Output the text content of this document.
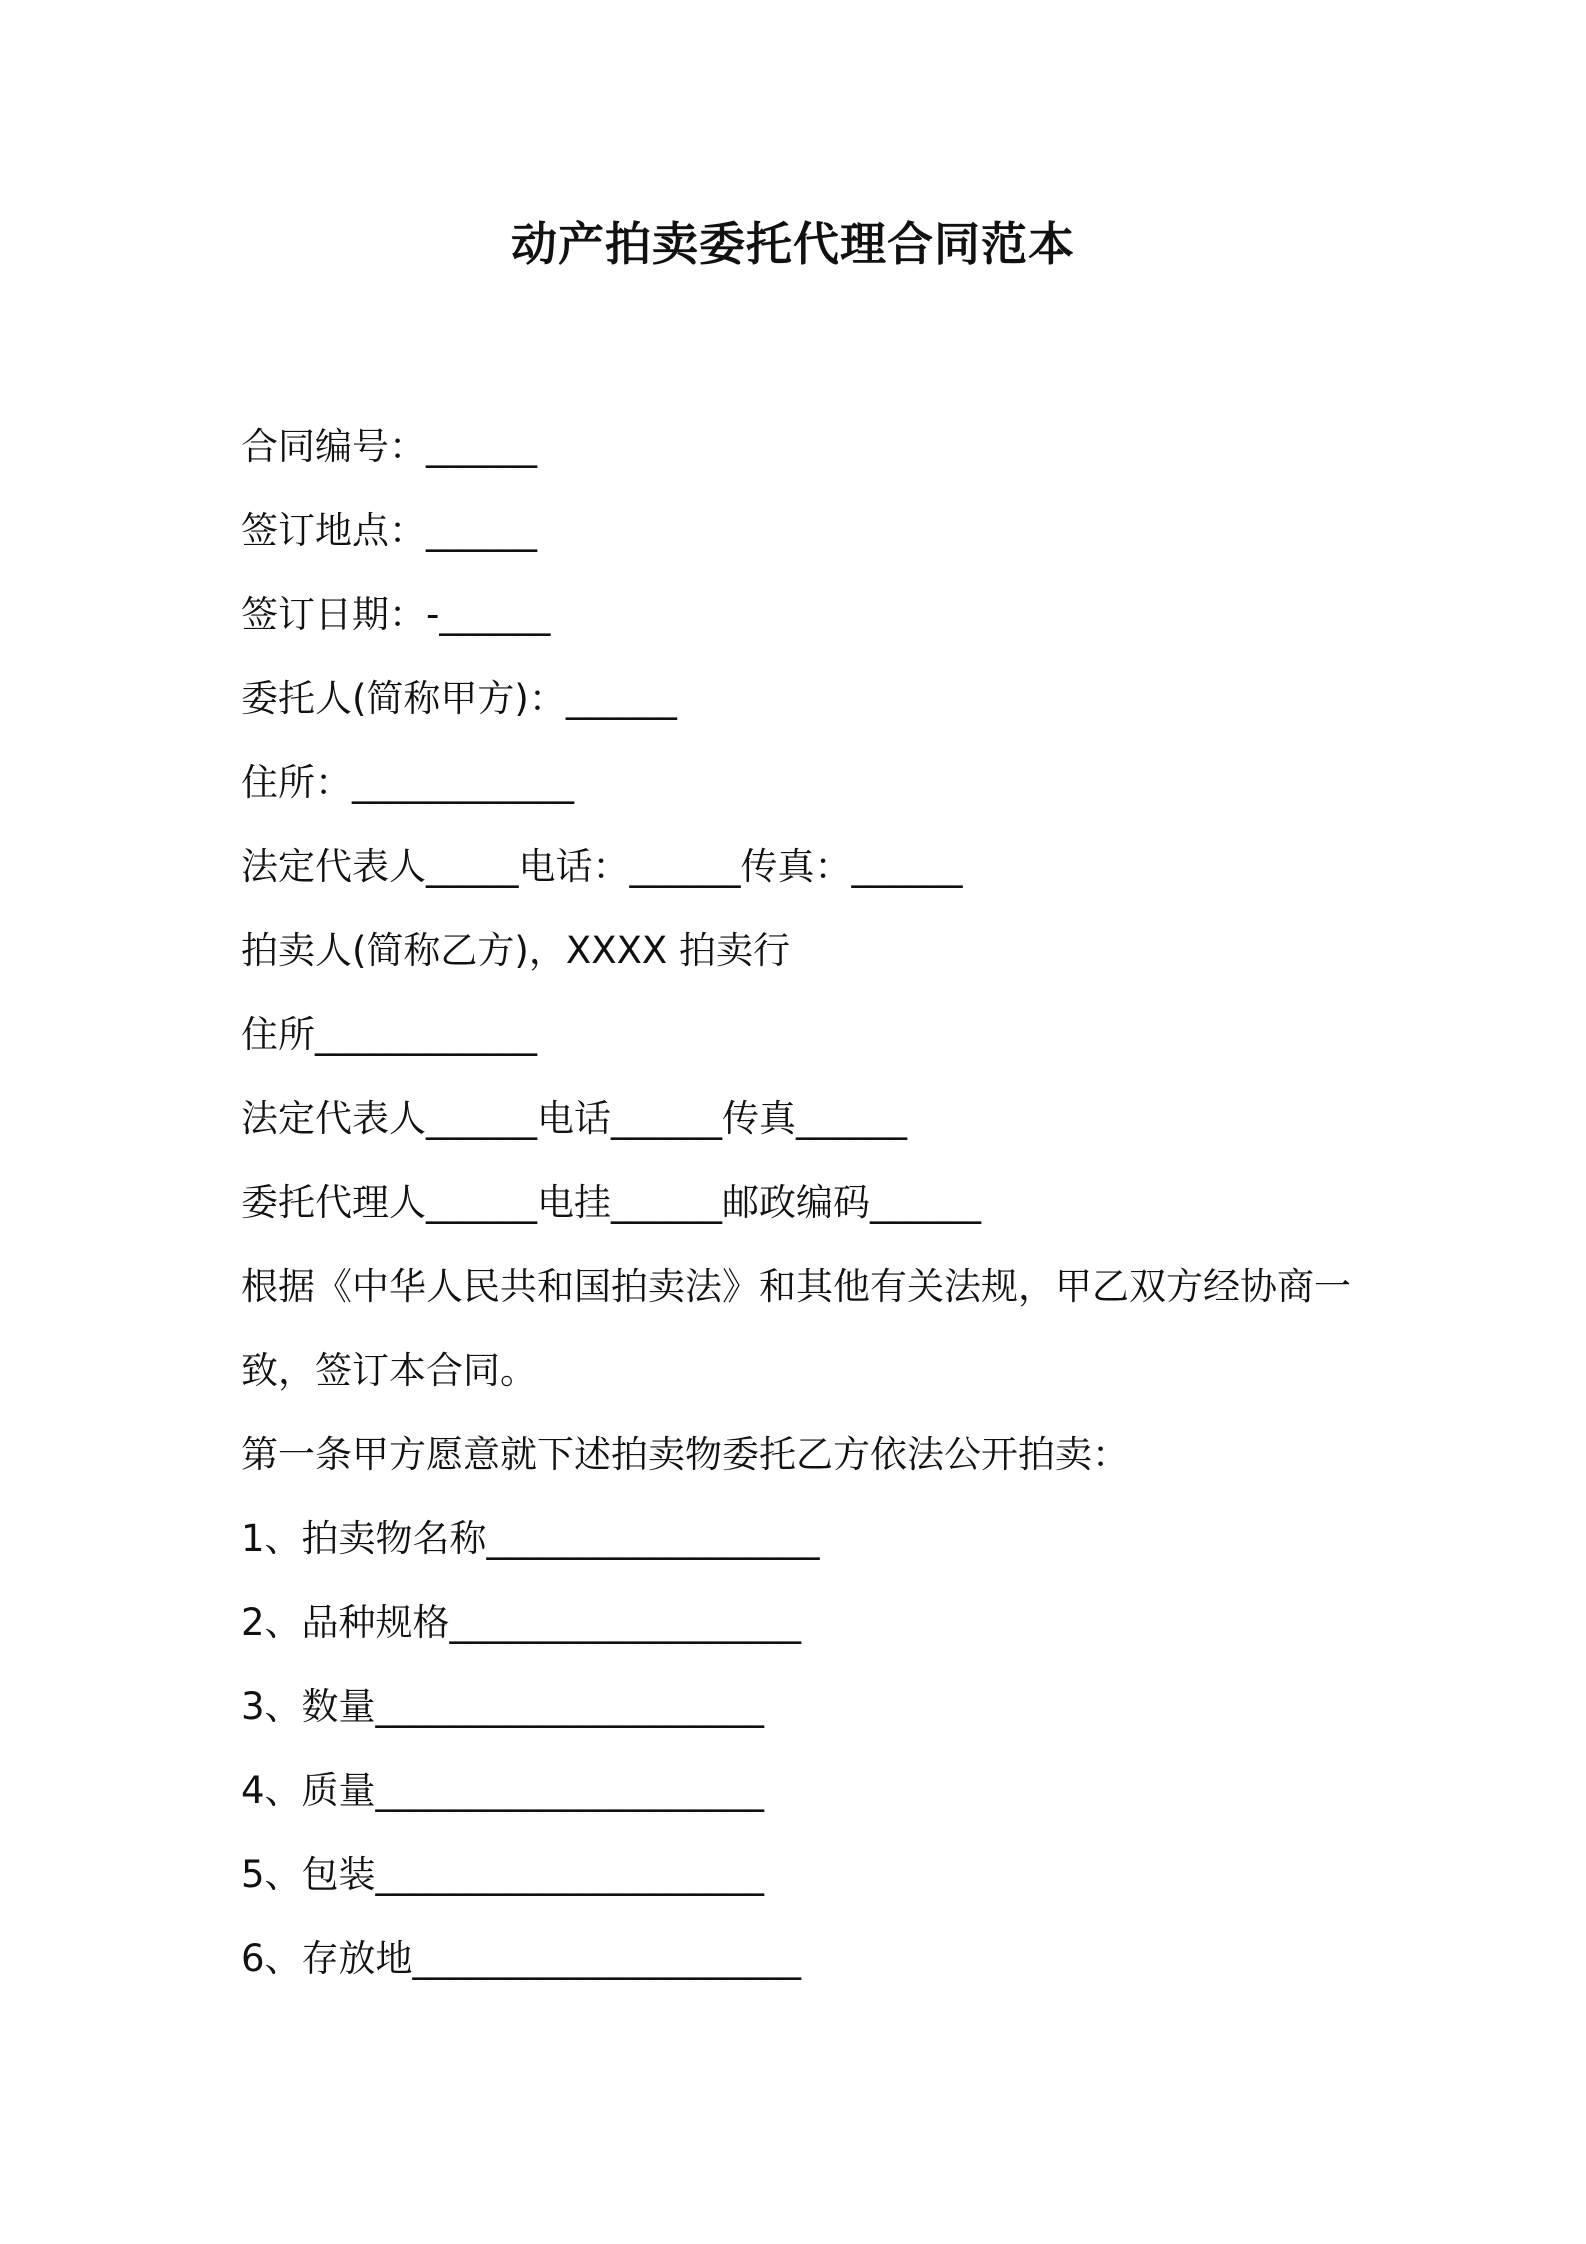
动产拍卖委托代理合同范本

合同编号：______

签订地点：______

签订日期：-______

委托人(简称甲方)：______

住所：____________

法定代表人_____电话：______传真：______

拍卖人(简称乙方)，XXXX 拍卖行

住所____________

法定代表人______电话______传真______

委托代理人______电挂______邮政编码______

根据《中华人民共和国拍卖法》和其他有关法规，甲乙双方经协商一

致，签订本合同。

第一条甲方愿意就下述拍卖物委托乙方依法公开拍卖：

1、拍卖物名称__________________

2、品种规格___________________

3、数量_____________________

4、质量_____________________

5、包装_____________________

6、存放地_____________________
